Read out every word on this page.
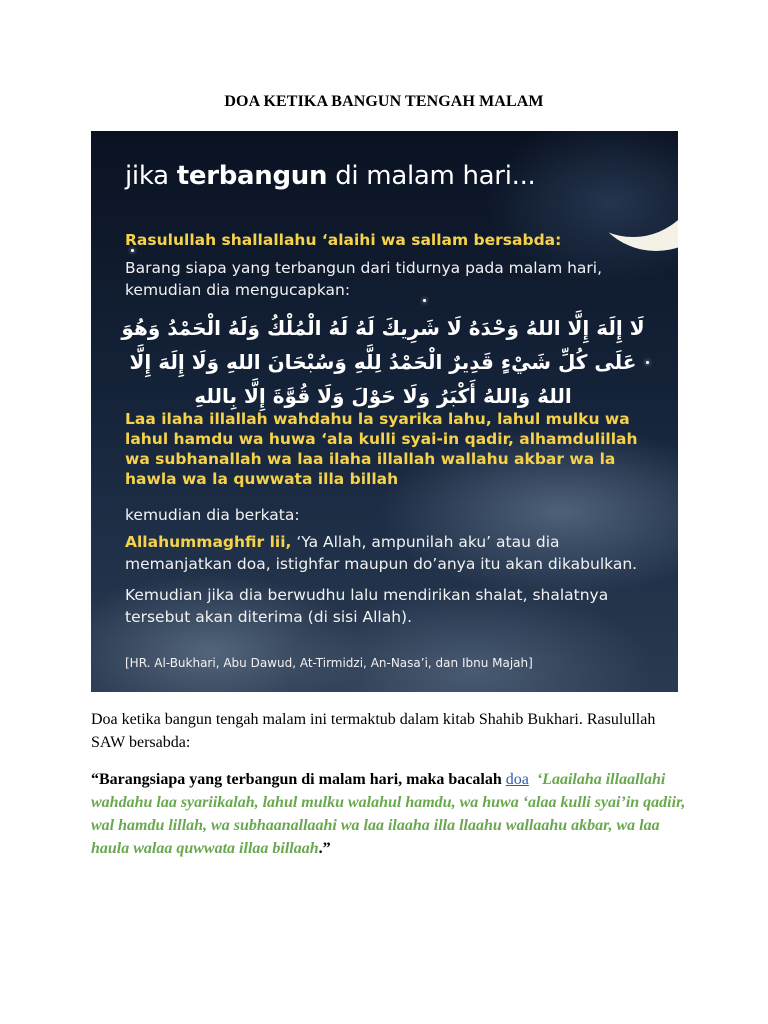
DOA KETIKA BANGUN TENGAH MALAM
jika terbangun di malam hari...
Rasulullah shallallahu ‘alaihi wa sallam bersabda:
Barang siapa yang terbangun dari tidurnya pada malam hari, kemudian dia mengucapkan:
لَا إِلَهَ إِلَّا اللهُ وَحْدَهُ لَا شَرِيكَ لَهُ لَهُ الْمُلْكُ وَلَهُ الْحَمْدُ وَهُوَ عَلَى كُلِّ شَيْءٍ قَدِيرٌ الْحَمْدُ لِلَّهِ وَسُبْحَانَ اللهِ وَلَا إِلَهَ إِلَّا اللهُ وَاللهُ أَكْبَرُ وَلَا حَوْلَ وَلَا قُوَّةَ إِلَّا بِاللهِ
Laa ilaha illallah wahdahu la syarika lahu, lahul mulku wa lahul hamdu wa huwa ‘ala kulli syai-in qadir, alhamdulillah wa subhanallah wa laa ilaha illallah wallahu akbar wa la hawla wa la quwwata illa billah
kemudian dia berkata:
Allahummaghfir lii, ‘Ya Allah, ampunilah aku’ atau dia memanjatkan doa, istighfar maupun do’anya itu akan dikabulkan.
Kemudian jika dia berwudhu lalu mendirikan shalat, shalatnya tersebut akan diterima (di sisi Allah).
[HR. Al-Bukhari, Abu Dawud, At-Tirmidzi, An-Nasa’i, dan Ibnu Majah]
Doa ketika bangun tengah malam ini termaktub dalam kitab Shahib Bukhari. Rasulullah SAW bersabda:
“Barangsiapa yang terbangun di malam hari, maka bacalah doa ‘Laailaha illaallahi wahdahu laa syariikalah, lahul mulku walahul hamdu, wa huwa ‘alaa kulli syai’in qadiir, wal hamdu lillah, wa subhaanallaahi wa laa ilaaha illa llaahu wallaahu akbar, wa laa haula walaa quwwata illaa billaah.”
